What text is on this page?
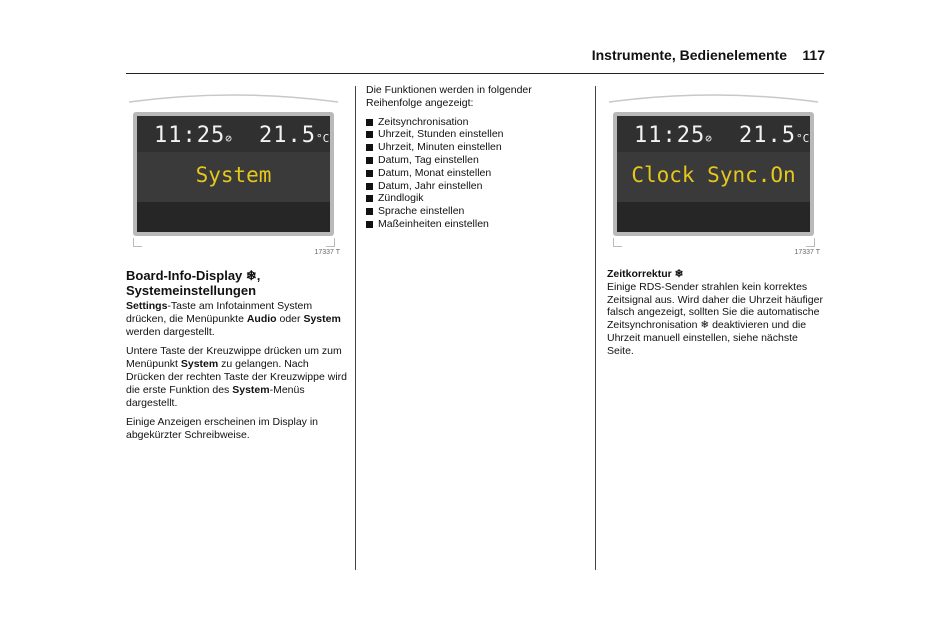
Instrumente, Bedienelemente	117
11:25⊘ 21.5°C
System
17337 T
11:25⊘ 21.5°C
Clock Sync.On
17337 T
Board-Info-Display ❄,
Systemeinstellungen

Settings-Taste am Infotainment System drücken, die Menüpunkte Audio oder System werden dargestellt.

Untere Taste der Kreuzwippe drücken um zum Menüpunkt System zu gelangen. Nach Drücken der rechten Taste der Kreuzwippe wird die erste Funktion des System-Menüs dargestellt.

Einige Anzeigen erscheinen im Display in abgekürzter Schreibweise.

Die Funktionen werden in folgender Reihenfolge angezeigt:

Zeitsynchronisation
Uhrzeit, Stunden einstellen
Uhrzeit, Minuten einstellen
Datum, Tag einstellen
Datum, Monat einstellen
Datum, Jahr einstellen
Zündlogik
Sprache einstellen
Maßeinheiten einstellen
Zeitkorrektur ❄

Einige RDS-Sender strahlen kein korrektes Zeitsignal aus. Wird daher die Uhrzeit häufiger falsch angezeigt, sollten Sie die automatische Zeitsynchronisation ❄ deaktivieren und die Uhrzeit manuell einstellen, siehe nächste Seite.
